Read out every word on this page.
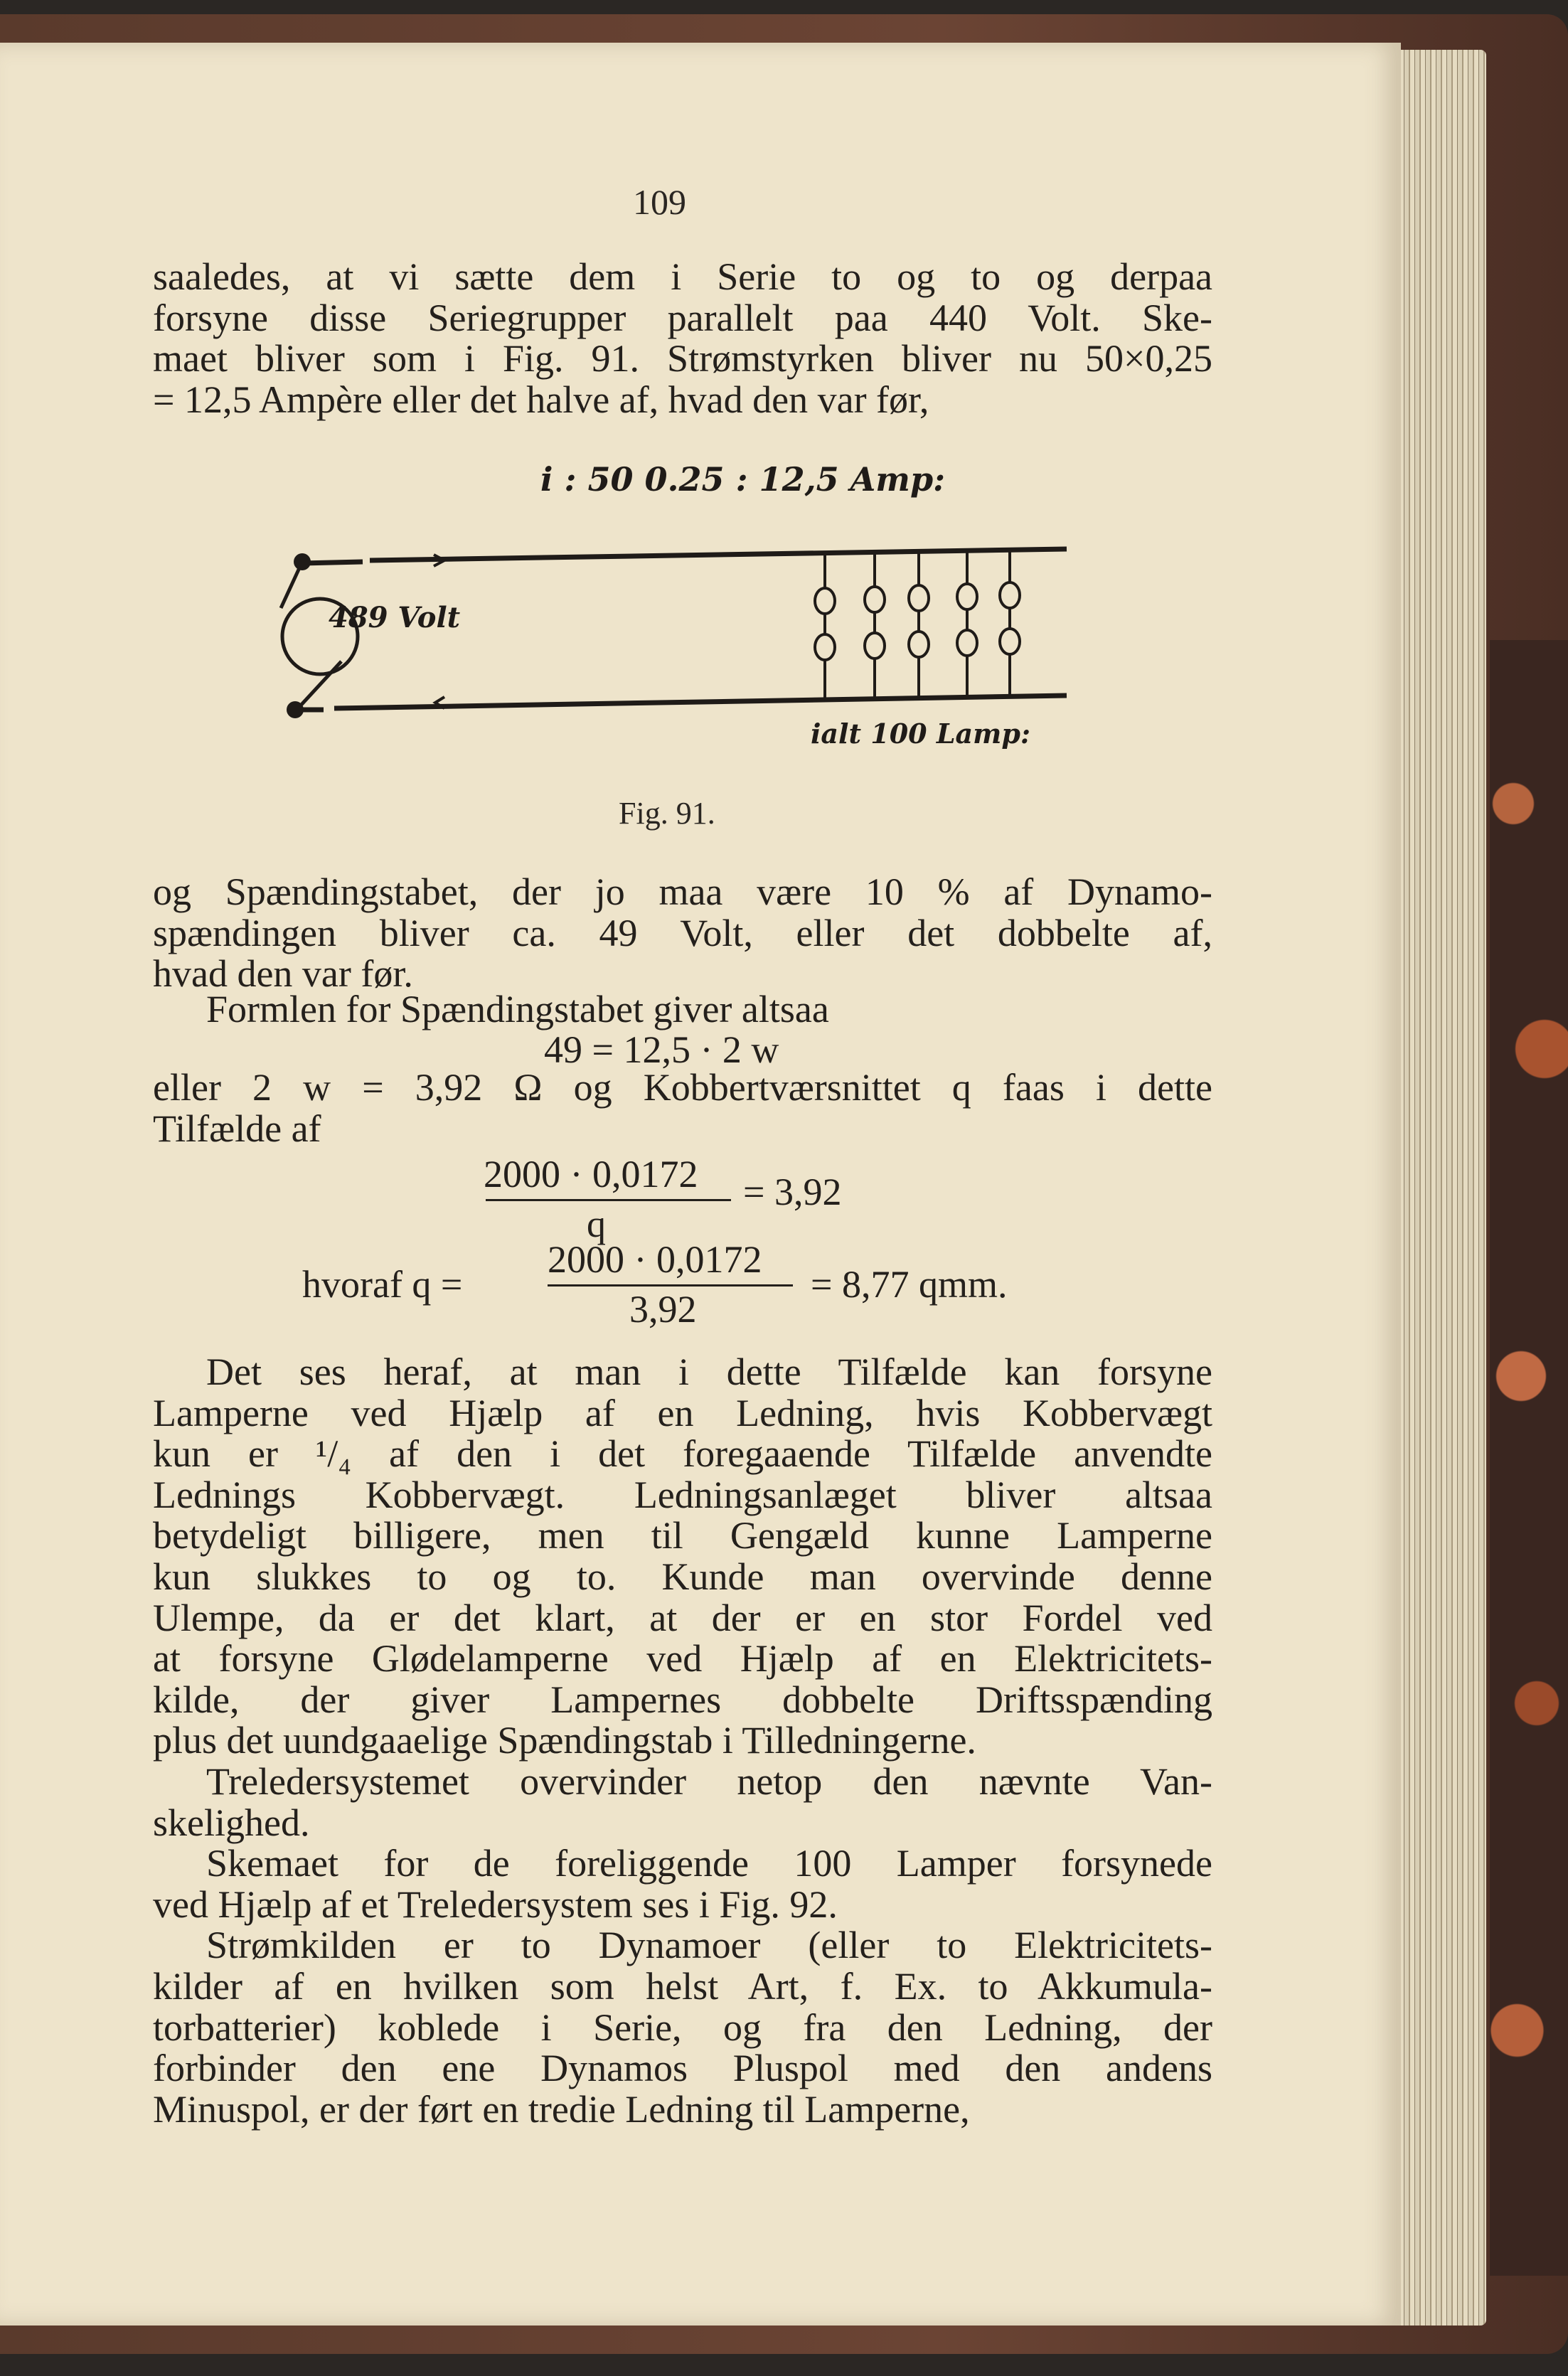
109
saaledes, at vi sætte dem i Serie to og to og derpaa
forsyne disse Seriegrupper parallelt paa 440 Volt. Ske-
maet bliver som i Fig. 91. Strømstyrken bliver nu 50×0,25
= 12,5 Ampère eller det halve af, hvad den var før,
og Spændingstabet, der jo maa være 10 % af Dynamo-
spændingen bliver ca. 49 Volt, eller det dobbelte af,
hvad den var før.
Formlen for Spændingstabet giver altsaa
eller 2 w = 3,92 Ω og Kobbertværsnittet q faas i dette
Tilfælde af
Det ses heraf, at man i dette Tilfælde kan forsyne
Lamperne ved Hjælp af en Ledning, hvis Kobbervægt
kun er ¹/₄ af den i det foregaaende Tilfælde anvendte
Lednings Kobbervægt. Ledningsanlæget bliver altsaa
betydeligt billigere, men til Gengæld kunne Lamperne
kun slukkes to og to. Kunde man overvinde denne
Ulempe, da er det klart, at der er en stor Fordel ved
at forsyne Glødelamperne ved Hjælp af en Elektricitets-
kilde, der giver Lampernes dobbelte Driftsspænding
plus det uundgaaelige Spændingstab i Tilledningerne.
Treledersystemet overvinder netop den nævnte Van-
skelighed.
Skemaet for de foreliggende 100 Lamper forsynede
ved Hjælp af et Treledersystem ses i Fig. 92.
Strømkilden er to Dynamoer (eller to Elektricitets-
kilder af en hvilken som helst Art, f. Ex. to Akkumula-
torbatterier) koblede i Serie, og fra den Ledning, der
forbinder den ene Dynamos Pluspol med den andens
Minuspol, er der ført en tredie Ledning til Lamperne,
i : 50 0.25 : 12,5 Amp:
489 Volt
ialt 100 Lamp:
Fig. 91.
49 = 12,5 · 2 w
2000 · 0,0172
q
= 3,92
hvoraf q =
2000 · 0,0172
3,92
= 8,77 qmm.
